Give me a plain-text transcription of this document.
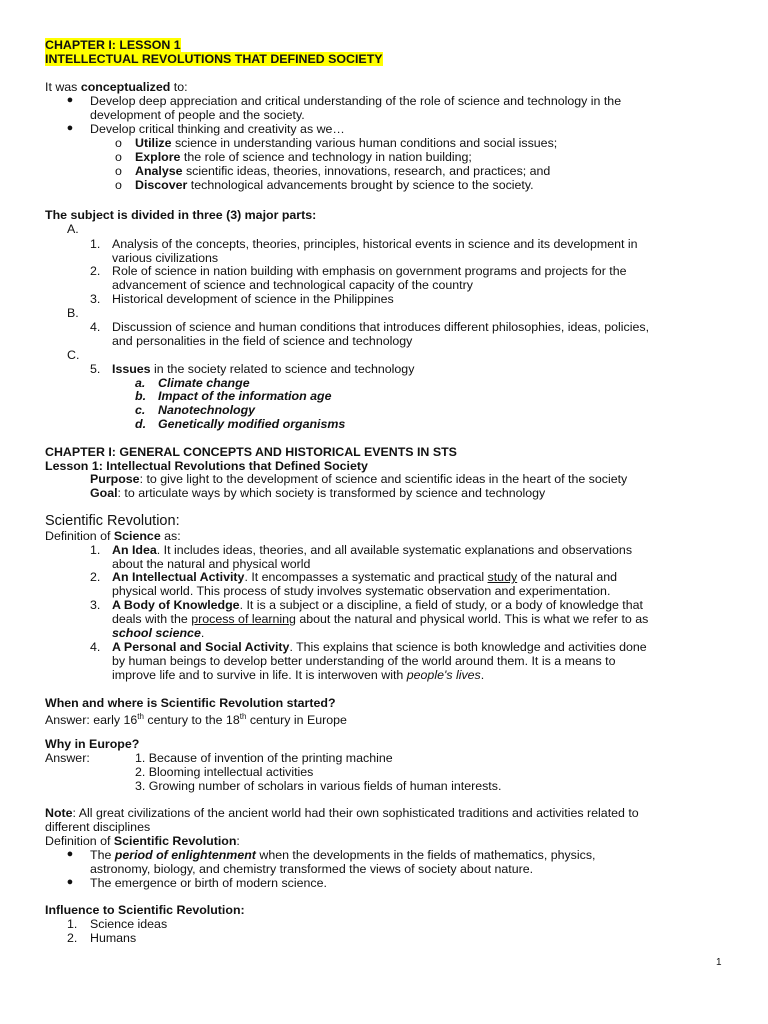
CHAPTER I: LESSON 1
INTELLECTUAL REVOLUTIONS THAT DEFINED SOCIETY
It was conceptualized to:
● Develop deep appreciation and critical understanding of the role of science and technology in the
development of people and the society.
● Develop critical thinking and creativity as we…
o Utilize science in understanding various human conditions and social issues;
o Explore the role of science and technology in nation building;
o Analyse scientific ideas, theories, innovations, research, and practices; and
o Discover technological advancements brought by science to the society.
The subject is divided in three (3) major parts:
A.
1. Analysis of the concepts, theories, principles, historical events in science and its development in
various civilizations
2. Role of science in nation building with emphasis on government programs and projects for the
advancement of science and technological capacity of the country
3. Historical development of science in the Philippines
B.
4. Discussion of science and human conditions that introduces different philosophies, ideas, policies,
and personalities in the field of science and technology
C.
5. Issues in the society related to science and technology
a. Climate change
b. Impact of the information age
c. Nanotechnology
d. Genetically modified organisms
CHAPTER I: GENERAL CONCEPTS AND HISTORICAL EVENTS IN STS
Lesson 1: Intellectual Revolutions that Defined Society
Purpose: to give light to the development of science and scientific ideas in the heart of the society
Goal: to articulate ways by which society is transformed by science and technology
Scientific Revolution:
Definition of Science as:
1. An Idea. It includes ideas, theories, and all available systematic explanations and observations
about the natural and physical world
2. An Intellectual Activity. It encompasses a systematic and practical study of the natural and
physical world. This process of study involves systematic observation and experimentation.
3. A Body of Knowledge. It is a subject or a discipline, a field of study, or a body of knowledge that
deals with the process of learning about the natural and physical world. This is what we refer to as
school science.
4. A Personal and Social Activity. This explains that science is both knowledge and activities done
by human beings to develop better understanding of the world around them. It is a means to
improve life and to survive in life. It is interwoven with people's lives.
When and where is Scientific Revolution started?
Answer: early 16th century to the 18th century in Europe
Why in Europe?
Answer:	1. Because of invention of the printing machine
2. Blooming intellectual activities
3. Growing number of scholars in various fields of human interests.
Note: All great civilizations of the ancient world had their own sophisticated traditions and activities related to
different disciplines
Definition of Scientific Revolution:
● The period of enlightenment when the developments in the fields of mathematics, physics,
astronomy, biology, and chemistry transformed the views of society about nature.
● The emergence or birth of modern science.
Influence to Scientific Revolution:
1. Science ideas
2. Humans
1
